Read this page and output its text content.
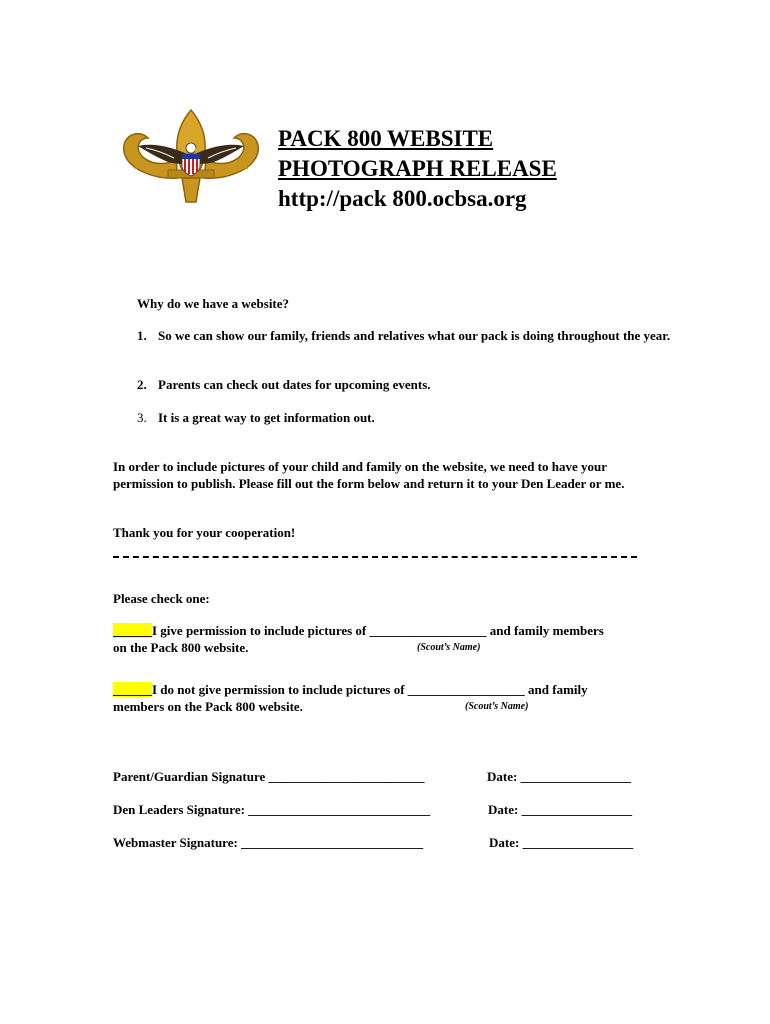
★	★
PACK 800 WEBSITE
PHOTOGRAPH RELEASE
http://pack 800.ocbsa.org
Why do we have a website?
1. So we can show our family, friends and relatives what our pack is doing throughout the year.
2. Parents can check out dates for upcoming events.
3. It is a great way to get information out.
In order to include pictures of your child and family on the website, we need to have your permission to publish. Please fill out the form below and return it to your Den Leader or me.
Thank you for your cooperation!
Please check one:
______I give permission to include pictures of __________________ and family members
on the Pack 800 website.	(Scout’s Name)
______I do not give permission to include pictures of __________________ and family
members on the Pack 800 website.	(Scout’s Name)
Parent/Guardian Signature ________________________	Date: _________________
Den Leaders Signature: ____________________________	Date: _________________
Webmaster Signature: ____________________________	Date: _________________
